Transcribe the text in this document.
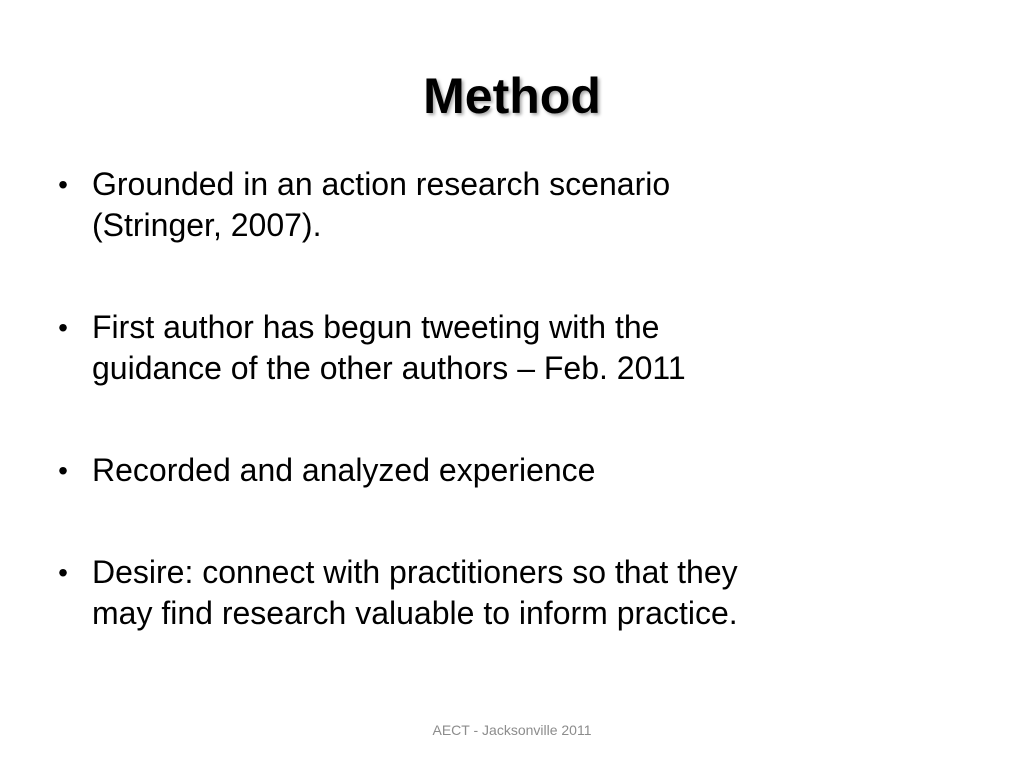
Method
• Grounded in an action research scenario
(Stringer, 2007).
• First author has begun tweeting with the
guidance of the other authors – Feb. 2011
• Recorded and analyzed experience
• Desire: connect with practitioners so that they
may find research valuable to inform practice.
AECT - Jacksonville 2011
